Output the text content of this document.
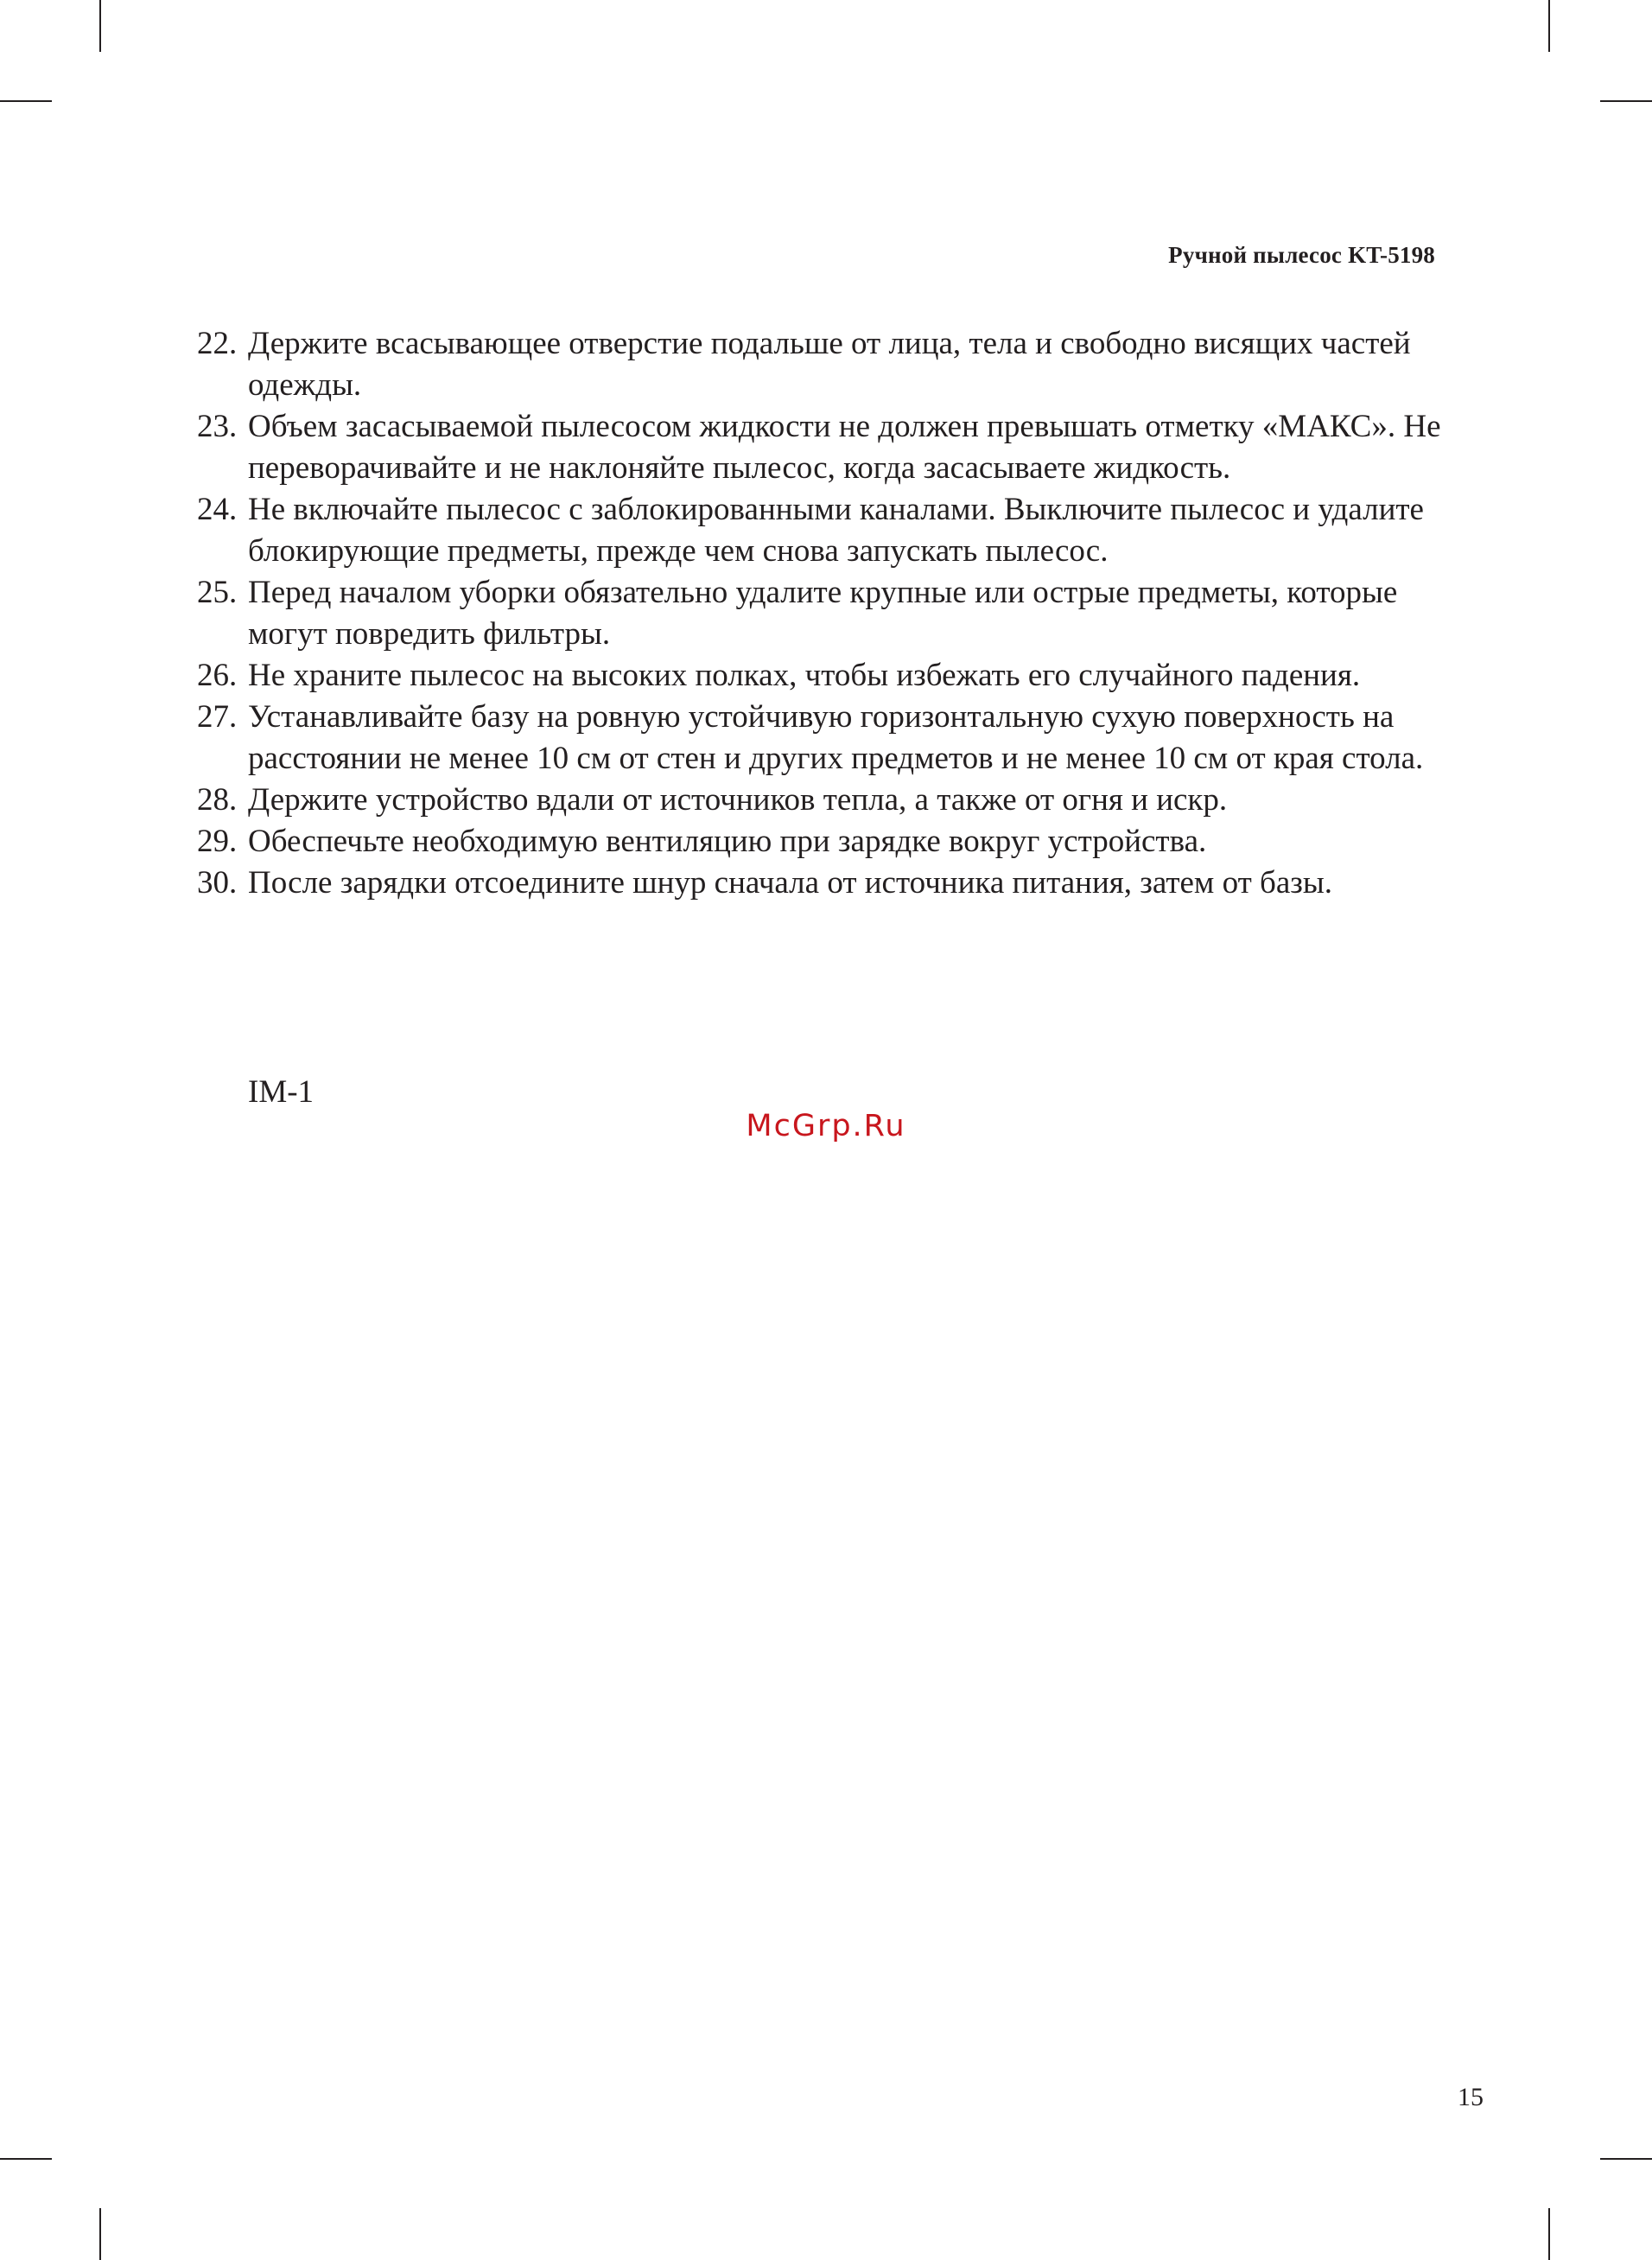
Ручной пылесос KT-5198
22. Держите всасывающее отверстие подальше от лица, тела и свободно висящих частей одежды.
23. Объем засасываемой пылесосом жидкости не должен превышать отметку «МАКС». Не переворачивайте и не наклоняйте пылесос, когда засасываете жидкость.
24. Не включайте пылесос с заблокированными каналами. Выключите пылесос и удалите блокирующие предметы, прежде чем снова запускать пылесос.
25. Перед началом уборки обязательно удалите крупные или острые предметы, которые могут повредить фильтры.
26. Не храните пылесос на высоких полках, чтобы избежать его случайного падения.
27. Устанавливайте базу на ровную устойчивую горизонтальную сухую поверхность на расстоянии не менее 10 см от стен и других предметов и не менее 10 см от края стола.
28. Держите устройство вдали от источников тепла, а также от огня и искр.
29. Обеспечьте необходимую вентиляцию при зарядке вокруг устройства.
30. После зарядки отсоедините шнур сначала от источника питания, затем от базы.
IM-1
McGrp.Ru
15
